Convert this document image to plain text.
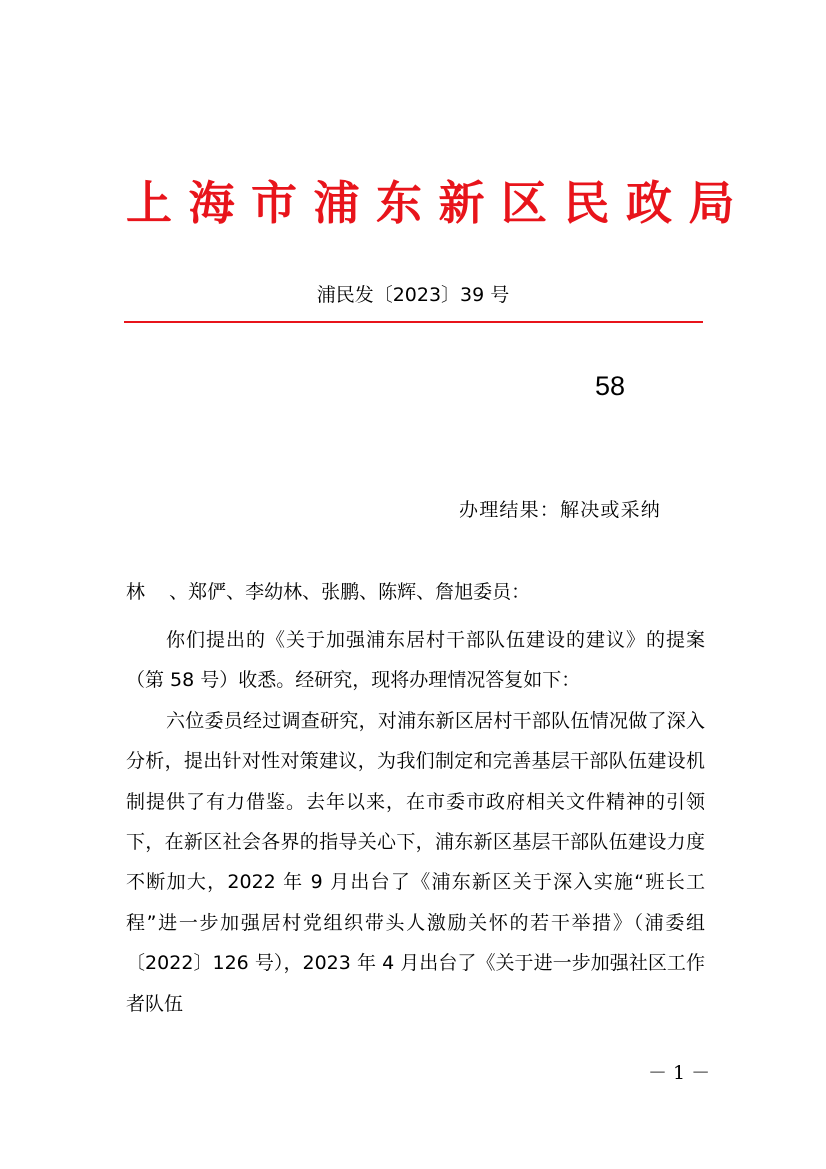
上海市浦东新区民政局
浦民发〔2023〕39 号
58
办理结果：解决或采纳
林    、郑俨、李幼林、张鹏、陈辉、詹旭委员：

你们提出的《关于加强浦东居村干部队伍建设的建议》的提案（第 58 号）收悉。经研究，现将办理情况答复如下：

六位委员经过调查研究，对浦东新区居村干部队伍情况做了深入分析，提出针对性对策建议，为我们制定和完善基层干部队伍建设机制提供了有力借鉴。去年以来，在市委市政府相关文件精神的引领下，在新区社会各界的指导关心下，浦东新区基层干部队伍建设力度不断加大，2022 年 9 月出台了《浦东新区关于深入实施“班长工程”进一步加强居村党组织带头人激励关怀的若干举措》（浦委组〔2022〕126 号），2023 年 4 月出台了《关于进一步加强社区工作者队伍

－ 1 －
